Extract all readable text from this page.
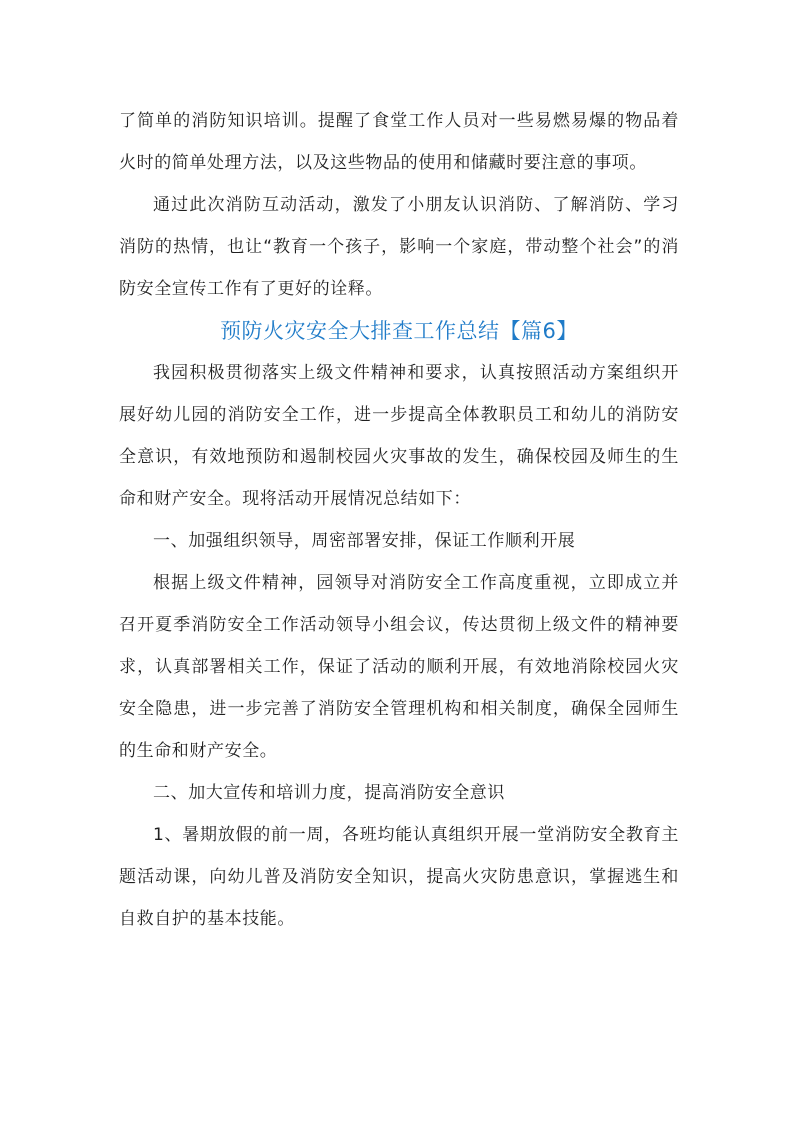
了简单的消防知识培训。提醒了食堂工作人员对一些易燃易爆的物品着火时的简单处理方法，以及这些物品的使用和储藏时要注意的事项。

通过此次消防互动活动，激发了小朋友认识消防、了解消防、学习消防的热情，也让“教育一个孩子，影响一个家庭，带动整个社会”的消防安全宣传工作有了更好的诠释。

预防火灾安全大排查工作总结【篇6】

我园积极贯彻落实上级文件精神和要求，认真按照活动方案组织开展好幼儿园的消防安全工作，进一步提高全体教职员工和幼儿的消防安全意识，有效地预防和遏制校园火灾事故的发生，确保校园及师生的生命和财产安全。现将活动开展情况总结如下：

一、加强组织领导，周密部署安排，保证工作顺利开展

根据上级文件精神，园领导对消防安全工作高度重视，立即成立并召开夏季消防安全工作活动领导小组会议，传达贯彻上级文件的精神要求，认真部署相关工作，保证了活动的顺利开展，有效地消除校园火灾安全隐患，进一步完善了消防安全管理机构和相关制度，确保全园师生的生命和财产安全。

二、加大宣传和培训力度，提高消防安全意识

1、暑期放假的前一周，各班均能认真组织开展一堂消防安全教育主题活动课，向幼儿普及消防安全知识，提高火灾防患意识，掌握逃生和自救自护的基本技能。
